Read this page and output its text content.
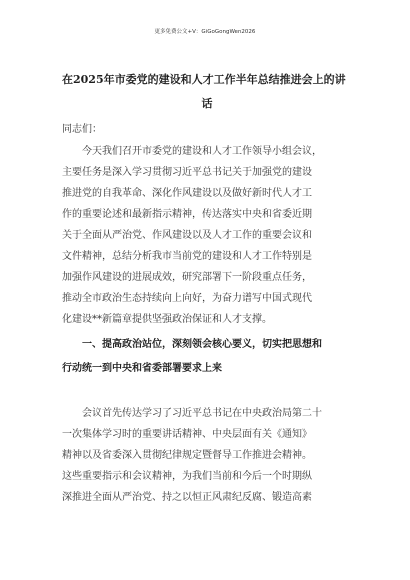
更多免费公文+V：GiGoGongWen2026
在2025年市委党的建设和人才工作半年总结推进会上的讲
话
同志们：
今天我们召开市委党的建设和人才工作领导小组会议，
主要任务是深入学习贯彻习近平总书记关于加强党的建设
推进党的自我革命、深化作风建设以及做好新时代人才工
作的重要论述和最新指示精神，传达落实中央和省委近期
关于全面从严治党、作风建设以及人才工作的重要会议和
文件精神，总结分析我市当前党的建设和人才工作特别是
加强作风建设的进展成效，研究部署下一阶段重点任务，
推动全市政治生态持续向上向好，为奋力谱写中国式现代
化建设**新篇章提供坚强政治保证和人才支撑。
一、提高政治站位，深刻领会核心要义，切实把思想和
行动统一到中央和省委部署要求上来
会议首先传达学习了习近平总书记在中央政治局第二十
一次集体学习时的重要讲话精神、中央层面有关《通知》
精神以及省委深入贯彻纪律规定暨督导工作推进会精神。
这些重要指示和会议精神，为我们当前和今后一个时期纵
深推进全面从严治党、持之以恒正风肃纪反腐、锻造高素
